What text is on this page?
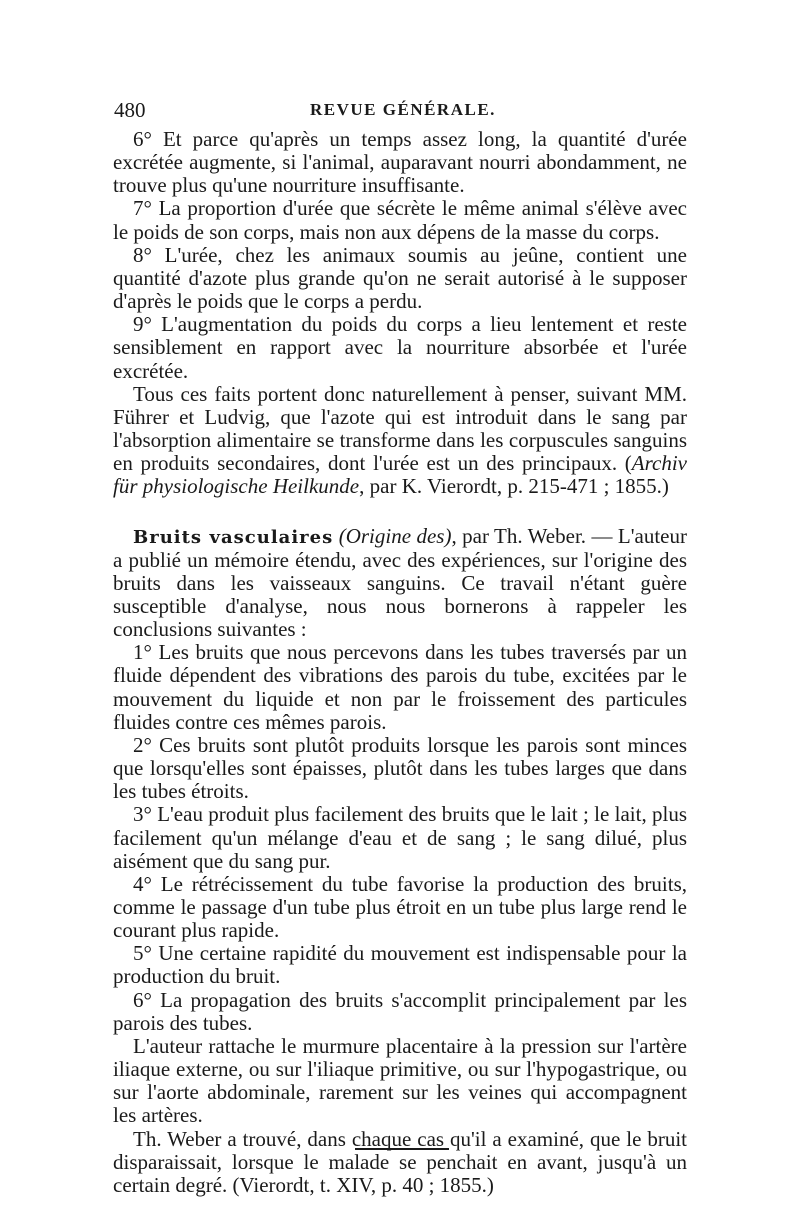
480	REVUE GÉNÉRALE.

6° Et parce qu'après un temps assez long, la quantité d'urée excrétée augmente, si l'animal, auparavant nourri abondamment, ne trouve plus qu'une nourriture insuffisante.

7° La proportion d'urée que sécrète le même animal s'élève avec le poids de son corps, mais non aux dépens de la masse du corps.

8° L'urée, chez les animaux soumis au jeûne, contient une quantité d'azote plus grande qu'on ne serait autorisé à le supposer d'après le poids que le corps a perdu.

9° L'augmentation du poids du corps a lieu lentement et reste sensiblement en rapport avec la nourriture absorbée et l'urée excrétée.

Tous ces faits portent donc naturellement à penser, suivant MM. Führer et Ludvig, que l'azote qui est introduit dans le sang par l'absorption alimentaire se transforme dans les corpuscules sanguins en produits secondaires, dont l'urée est un des principaux. (Archiv für physiologische Heilkunde, par K. Vierordt, p. 215-471 ; 1855.)

Bruits vasculaires (Origine des), par Th. Weber. — L'auteur a publié un mémoire étendu, avec des expériences, sur l'origine des bruits dans les vaisseaux sanguins. Ce travail n'étant guère susceptible d'analyse, nous nous bornerons à rappeler les conclusions suivantes :

1° Les bruits que nous percevons dans les tubes traversés par un fluide dépendent des vibrations des parois du tube, excitées par le mouvement du liquide et non par le froissement des particules fluides contre ces mêmes parois.

2° Ces bruits sont plutôt produits lorsque les parois sont minces que lorsqu'elles sont épaisses, plutôt dans les tubes larges que dans les tubes étroits.

3° L'eau produit plus facilement des bruits que le lait ; le lait, plus facilement qu'un mélange d'eau et de sang ; le sang dilué, plus aisément que du sang pur.

4° Le rétrécissement du tube favorise la production des bruits, comme le passage d'un tube plus étroit en un tube plus large rend le courant plus rapide.

5° Une certaine rapidité du mouvement est indispensable pour la production du bruit.

6° La propagation des bruits s'accomplit principalement par les parois des tubes.

L'auteur rattache le murmure placentaire à la pression sur l'artère iliaque externe, ou sur l'iliaque primitive, ou sur l'hypogastrique, ou sur l'aorte abdominale, rarement sur les veines qui accompagnent les artères.

Th. Weber a trouvé, dans chaque cas qu'il a examiné, que le bruit disparaissait, lorsque le malade se penchait en avant, jusqu'à un certain degré. (Vierordt, t. XIV, p. 40 ; 1855.)
